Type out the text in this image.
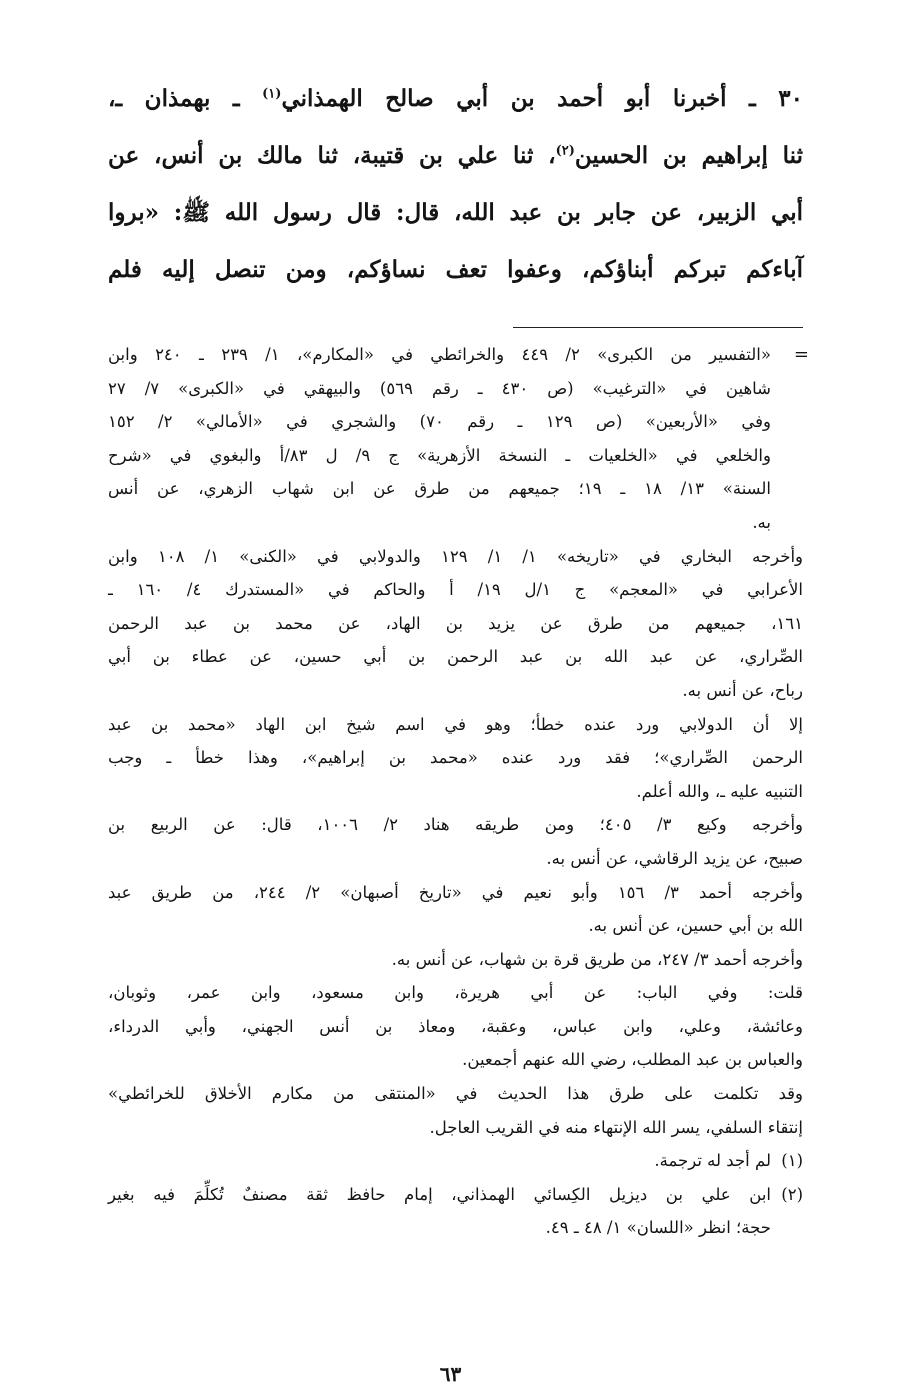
٣٠ ـ أخبرنا أبو أحمد بن أبي صالح الهمذاني$^{(١)}$ ـ بهمذان ـ،
ثنا إبراهيم بن الحسين$^{(٢)}$، ثنا علي بن قتيبة، ثنا مالك بن أنس، عن
أبي الزبير، عن جابر بن عبد الله، قال: قال رسول الله ﷺ: «بروا
آباءكم تبركم أبناؤكم، وعفوا تعف نساؤكم، ومن تنصل إليه فلم
=
«التفسير من الكبرى» ٢/ ٤٤٩ والخرائطي في «المكارم»، ١/ ٢٣٩ ـ ٢٤٠ وابن
شاهين في «الترغيب» (ص ٤٣٠ ـ رقم ٥٦٩) والبيهقي في «الكبرى» ٧/ ٢٧
وفي «الأربعين» (ص ١٢٩ ـ رقم ٧٠) والشجري في «الأمالي» ٢/ ١٥٢
والخلعي في «الخلعيات ـ النسخة الأزهرية» ج ٩/ ل ٨٣/أ والبغوي في «شرح
السنة» ١٣/ ١٨ ـ ١٩؛ جميعهم من طرق عن ابن شهاب الزهري، عن أنس
به.
وأخرجه البخاري في «تاريخه» ١/ ١/ ١٢٩ والدولابي في «الكنى» ١/ ١٠٨ وابن
الأعرابي في «المعجم» ج ١/ل ١٩/ أ والحاكم في «المستدرك ٤/ ١٦٠ ـ
١٦١، جميعهم من طرق عن يزيد بن الهاد، عن محمد بن عبد الرحمن
الصِّراري، عن عبد الله بن عبد الرحمن بن أبي حسين، عن عطاء بن أبي
رباح، عن أنس به.
إلا أن الدولابي ورد عنده خطأ؛ وهو في اسم شيخ ابن الهاد «محمد بن عبد
الرحمن الصِّراري»؛ فقد ورد عنده «محمد بن إبراهيم»، وهذا خطأ ـ وجب
التنبيه عليه ـ، والله أعلم.
وأخرجه وكيع ٣/ ٤٠٥؛ ومن طريقه هناد ٢/ ١٠٠٦، قال: عن الربيع بن
صبيح، عن يزيد الرقاشي، عن أنس به.
وأخرجه أحمد ٣/ ١٥٦ وأبو نعيم في «تاريخ أصبهان» ٢/ ٢٤٤، من طريق عبد
الله بن أبي حسين، عن أنس به.
وأخرجه أحمد ٣/ ٢٤٧، من طريق قرة بن شهاب، عن أنس به.
قلت: وفي الباب: عن أبي هريرة، وابن مسعود، وابن عمر، وثوبان،
وعائشة، وعلي، وابن عباس، وعقبة، ومعاذ بن أنس الجهني، وأبي الدرداء،
والعباس بن عبد المطلب، رضي الله عنهم أجمعين.
وقد تكلمت على طرق هذا الحديث في «المنتقى من مكارم الأخلاق للخرائطي»
إنتقاء السلفي، يسر الله الإنتهاء منه في القريب العاجل.
(١)
لم أجد له ترجمة.
(٢)
ابن علي بن ديزيل الكِسائي الهمذاني، إمام حافظ ثقة مصنفٌ تُكلِّمَ فيه بغير
حجة؛ انظر «اللسان» ١/ ٤٨ ـ ٤٩.
٦٣
